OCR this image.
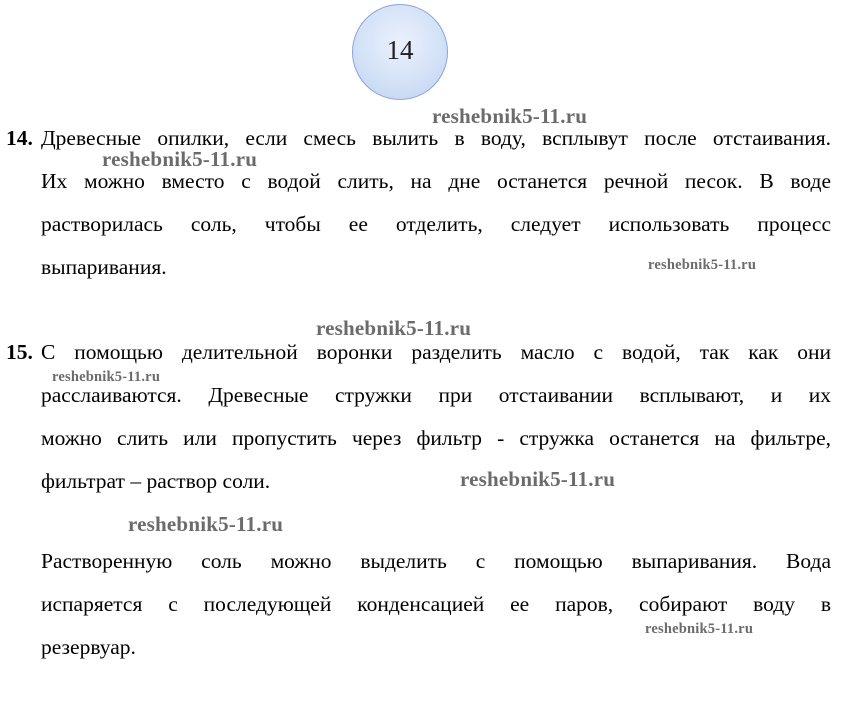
14
14. Древесные опилки, если смесь вылить в воду, всплывут после отстаивания.
Их можно вместо с водой слить, на дне останется речной песок. В воде
растворилась соль, чтобы ее отделить, следует использовать процесс
выпаривания.
15. С помощью делительной воронки разделить масло с водой, так как они
расслаиваются. Древесные стружки при отстаивании всплывают, и их
можно слить или пропустить через фильтр - стружка останется на фильтре,
фильтрат – раствор соли.
Растворенную соль можно выделить с помощью выпаривания. Вода
испаряется с последующей конденсацией ее паров, собирают воду в
резервуар.
reshebnik5-11.ru
reshebnik5-11.ru
reshebnik5-11.ru
reshebnik5-11.ru
reshebnik5-11.ru
reshebnik5-11.ru
reshebnik5-11.ru
reshebnik5-11.ru
